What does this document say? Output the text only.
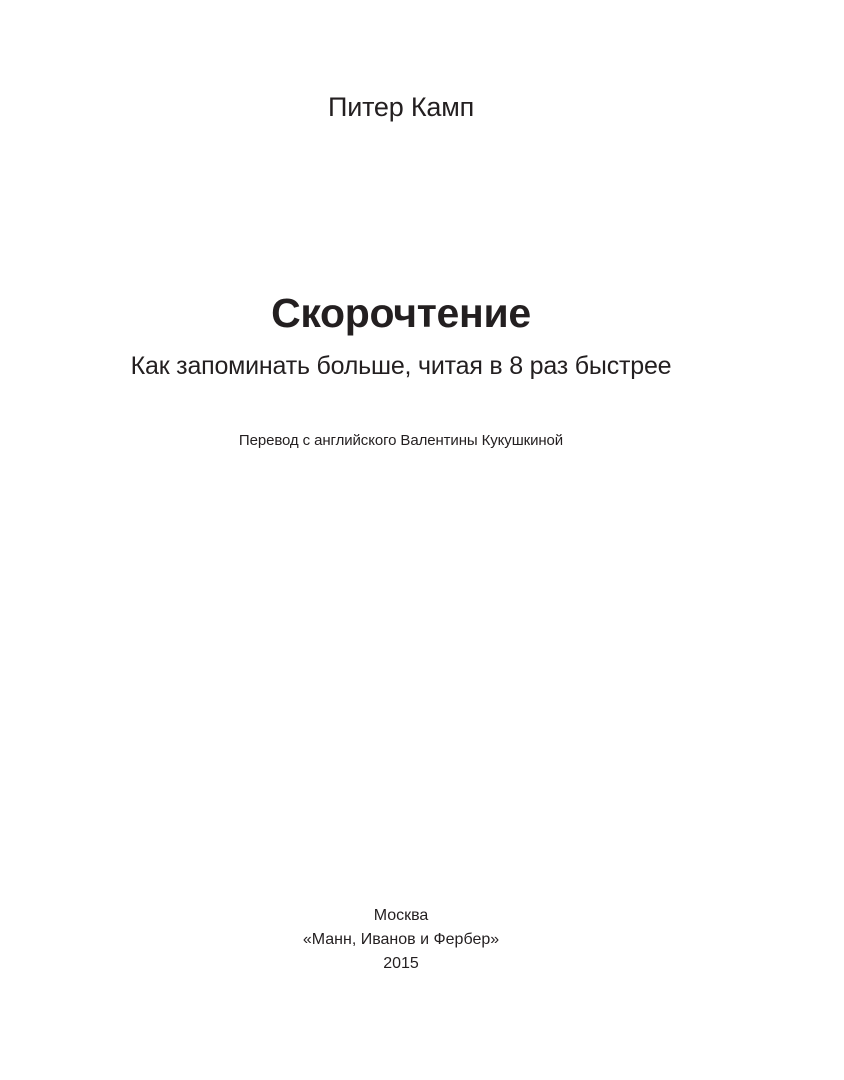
Питер Камп
Скорочтение
Как запоминать больше, читая в 8 раз быстрее
Перевод с английского Валентины Кукушкиной
Москва
«Манн, Иванов и Фербер»
2015
